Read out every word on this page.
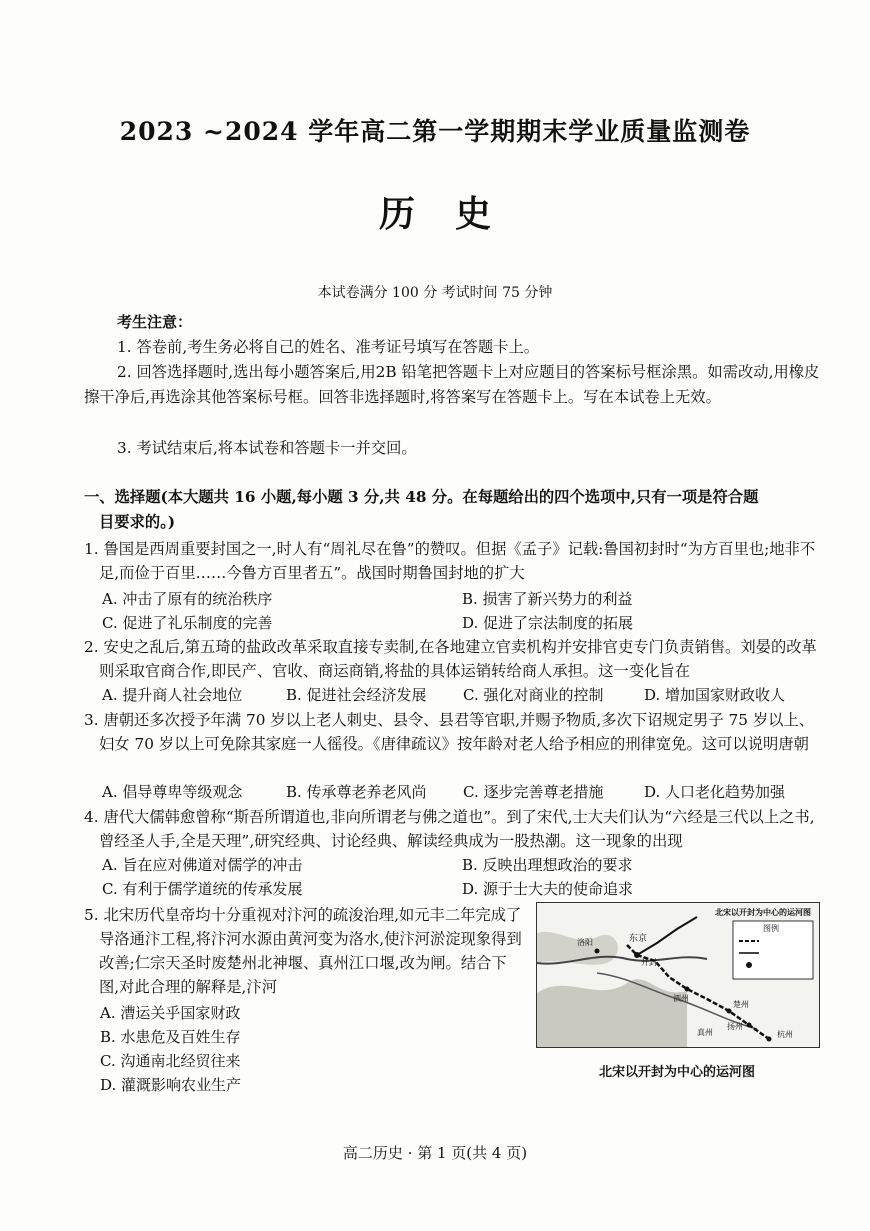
2023 ~2024 学年高二第一学期期末学业质量监测卷
历史
本试卷满分 100 分 考试时间 75 分钟
考生注意：
1. 答卷前,考生务必将自己的姓名、准考证号填写在答题卡上。
2. 回答选择题时,选出每小题答案后,用2B 铅笔把答题卡上对应题目的答案标号框涂黑。如需改动,用橡皮擦干净后,再选涂其他答案标号框。回答非选择题时,将答案写在答题卡上。写在本试卷上无效。
3. 考试结束后,将本试卷和答题卡一并交回。
一、选择题(本大题共 16 小题,每小题 3 分,共 48 分。在每题给出的四个选项中,只有一项是符合题
目要求的。)
1. 鲁国是西周重要封国之一,时人有“周礼尽在鲁”的赞叹。但据《孟子》记载:鲁国初封时“为方百里也;地非不足,而俭于百里……今鲁方百里者五”。战国时期鲁国封地的扩大
A. 冲击了原有的统治秩序	B. 损害了新兴势力的利益
C. 促进了礼乐制度的完善	D. 促进了宗法制度的拓展
2. 安史之乱后,第五琦的盐政改革采取直接专卖制,在各地建立官卖机构并安排官吏专门负责销售。刘晏的改革则采取官商合作,即民产、官收、商运商销,将盐的具体运销转给商人承担。这一变化旨在
A. 提升商人社会地位	B. 促进社会经济发展 C. 强化对商业的控制	D. 增加国家财政收人
3. 唐朝还多次授予年满 70 岁以上老人刺史、县令、县君等官职,并赐予物质,多次下诏规定男子 75 岁以上、妇女 70 岁以上可免除其家庭一人徭役。《唐律疏议》按年龄对老人给予相应的刑律宽免。这可以说明唐朝
A. 倡导尊卑等级观念	B. 传承尊老养老风尚 C. 逐步完善尊老措施	D. 人口老化趋势加强
4. 唐代大儒韩愈曾称“斯吾所谓道也,非向所谓老与佛之道也”。到了宋代,士大夫们认为“六经是三代以上之书,曾经圣人手,全是天理”,研究经典、讨论经典、解读经典成为一股热潮。这一现象的出现
A. 旨在应对佛道对儒学的冲击	B. 反映出理想政治的要求
C. 有利于儒学道统的传承发展	D. 源于士大夫的使命追求
5. 北宋历代皇帝均十分重视对汴河的疏浚治理,如元丰二年完成了导洛通汴工程,将汴河水源由黄河变为洛水,使汴河淤淀现象得到改善;仁宗天圣时废楚州北神堰、真州江口堰,改为闸。结合下图,对此合理的解释是,汴河
A. 漕运关乎国家财政
B. 水患危及百姓生存
C. 沟通南北经贸往来
D. 灌溉影响农业生产
北宋以开封为中心的运河图
图例
东京
开封
洛阳
泗州
楚州
扬州
真州	杭州
北宋以开封为中心的运河图
高二历史 · 第 1 页(共 4 页)
